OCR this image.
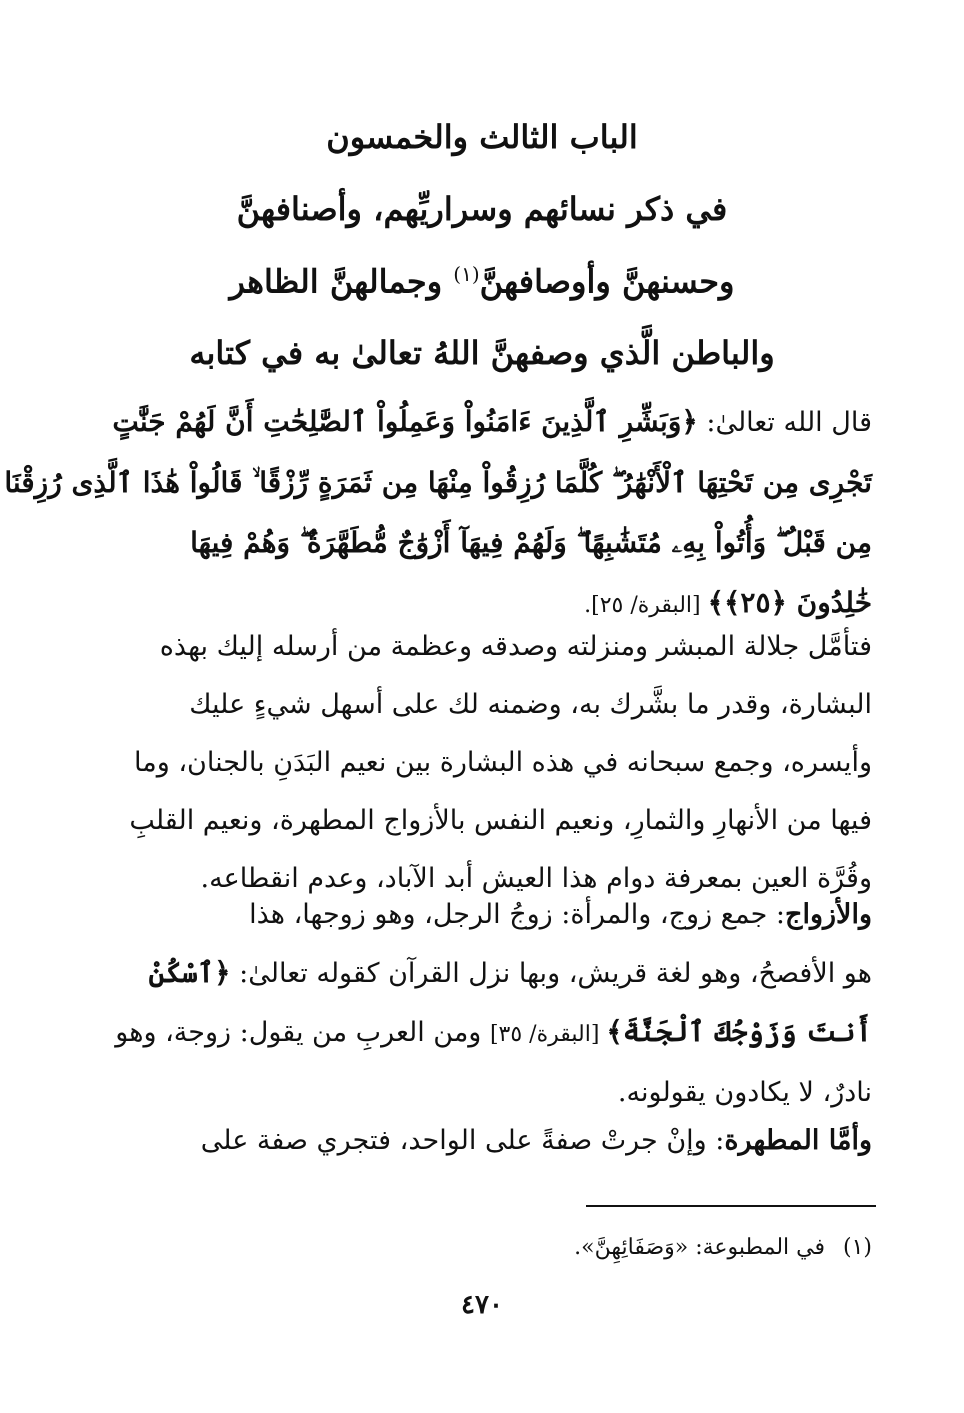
الباب الثالث والخمسون
في ذكر نسائهم وسراريِّهم، وأصنافهنَّ
وحسنهنَّ وأوصافهنَّ$^{(١)}$ وجمالهنَّ الظاهر
والباطن الَّذي وصفهنَّ اللهُ تعالىٰ به في كتابه
قال الله تعالىٰ: ﴿وَبَشِّرِ ٱلَّذِينَ ءَامَنُواْ وَعَمِلُواْ ٱلصَّٰلِحَٰتِ أَنَّ لَهُمْ جَنَّٰتٍ
تَجْرِى مِن تَحْتِهَا ٱلْأَنْهَٰرُ ۖ كُلَّمَا رُزِقُواْ مِنْهَا مِن ثَمَرَةٍ رِّزْقًا ۙ قَالُواْ هَٰذَا ٱلَّذِى رُزِقْنَا
مِن قَبْلُ ۖ وَأُتُواْ بِهِۦ مُتَشَٰبِهًا ۖ وَلَهُمْ فِيهَآ أَزْوَٰجٌ مُّطَهَّرَةٌ ۖ وَهُمْ فِيهَا
خَٰلِدُونَ ﴿٢٥﴾﴾ [البقرة/ ٢٥].
فتأمَّل جلالة المبشر ومنزلته وصدقه وعظمة من أرسله إليك بهذه
البشارة، وقدر ما بشَّرك به، وضمنه لك على أسهل شيءٍ عليك
وأيسره، وجمع سبحانه في هذه البشارة بين نعيم البَدَنِ بالجنان، وما
فيها من الأنهارِ والثمارِ، ونعيم النفس بالأزواج المطهرة، ونعيم القلبِ
وقُرَّة العين بمعرفة دوام هذا العيش أبد الآباد، وعدم انقطاعه.
والأزواج: جمع زوج، والمرأة: زوجُ الرجل، وهو زوجها، هذا
هو الأفصحُ، وهو لغة قريش، وبها نزل القرآن كقوله تعالىٰ: ﴿ٱسْكُنْ
أَنتَ وَزَوْجُكَ ٱلْجَنَّةَ﴾ [البقرة/ ٣٥] ومن العربِ من يقول: زوجة، وهو
نادرٌ، لا يكادون يقولونه.
وأمَّا المطهرة: وإنْ جرتْ صفةً على الواحد، فتجري صفة على
(١)في المطبوعة: «وَصَفَائِهِنَّ».
٤٧٠
